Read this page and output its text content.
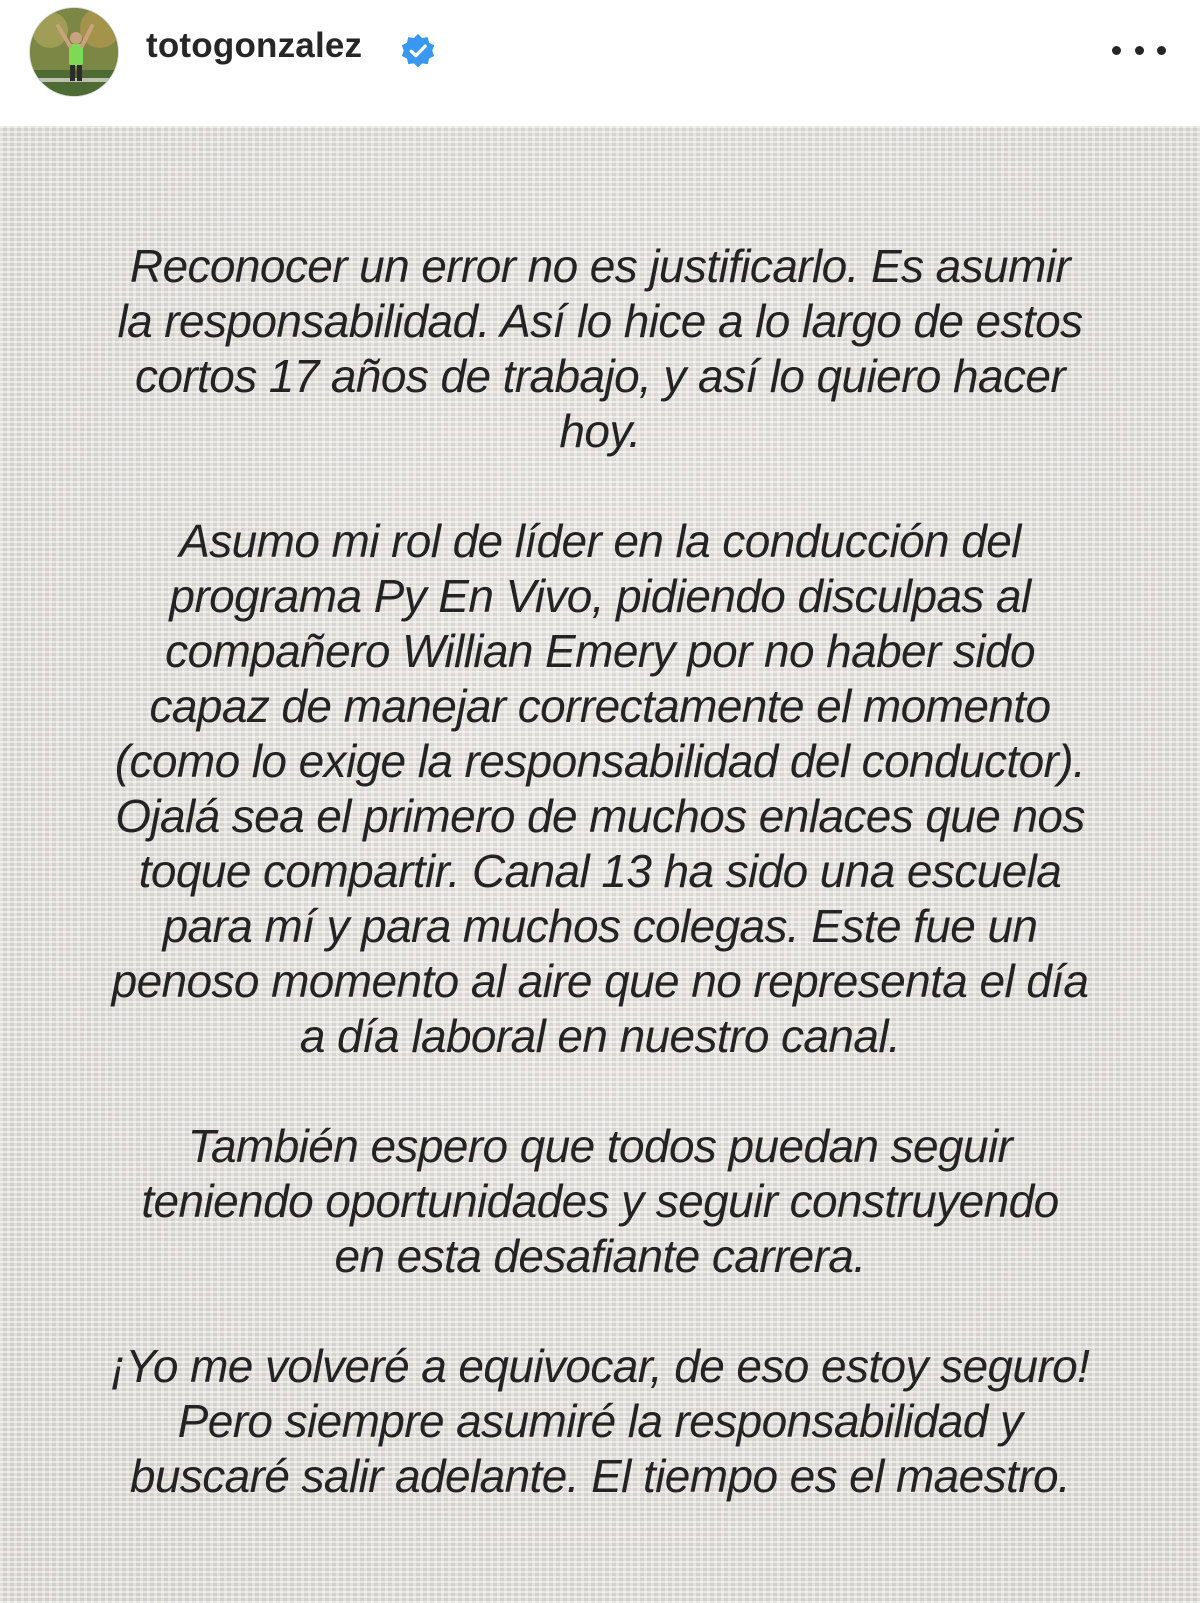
totogonzalez

Reconocer un error no es justificarlo. Es asumir
la responsabilidad. Así lo hice a lo largo de estos
cortos 17 años de trabajo, y así lo quiero hacer
hoy.

Asumo mi rol de líder en la conducción del
programa Py En Vivo, pidiendo disculpas al
compañero Willian Emery por no haber sido
capaz de manejar correctamente el momento
(como lo exige la responsabilidad del conductor).
Ojalá sea el primero de muchos enlaces que nos
toque compartir. Canal 13 ha sido una escuela
para mí y para muchos colegas. Este fue un
penoso momento al aire que no representa el día
a día laboral en nuestro canal.

También espero que todos puedan seguir
teniendo oportunidades y seguir construyendo
en esta desafiante carrera.

¡Yo me volveré a equivocar, de eso estoy seguro!
Pero siempre asumiré la responsabilidad y
buscaré salir adelante. El tiempo es el maestro.
